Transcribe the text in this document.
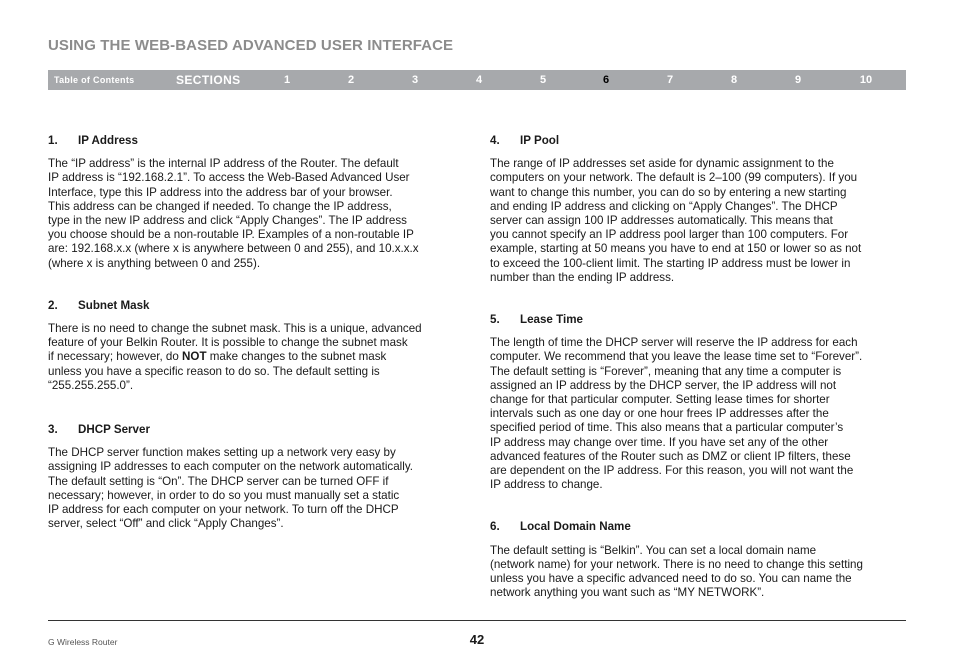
USING THE WEB-BASED ADVANCED USER INTERFACE
Table of Contents	SECTIONS	1	2	3	4	5	6	7	8	9	10
1. IP Address

The “IP address” is the internal IP address of the Router. The default
IP address is “192.168.2.1”. To access the Web-Based Advanced User
Interface, type this IP address into the address bar of your browser.
This address can be changed if needed. To change the IP address,
type in the new IP address and click “Apply Changes”. The IP address
you choose should be a non-routable IP. Examples of a non-routable IP
are: 192.168.x.x (where x is anywhere between 0 and 255), and 10.x.x.x
(where x is anything between 0 and 255).

2. Subnet Mask

There is no need to change the subnet mask. This is a unique, advanced
feature of your Belkin Router. It is possible to change the subnet mask
if necessary; however, do NOT make changes to the subnet mask
unless you have a specific reason to do so. The default setting is
“255.255.255.0”.

3. DHCP Server

The DHCP server function makes setting up a network very easy by
assigning IP addresses to each computer on the network automatically.
The default setting is “On”. The DHCP server can be turned OFF if
necessary; however, in order to do so you must manually set a static
IP address for each computer on your network. To turn off the DHCP
server, select “Off” and click “Apply Changes”.

4. IP Pool

The range of IP addresses set aside for dynamic assignment to the
computers on your network. The default is 2–100 (99 computers). If you
want to change this number, you can do so by entering a new starting
and ending IP address and clicking on “Apply Changes”. The DHCP
server can assign 100 IP addresses automatically. This means that
you cannot specify an IP address pool larger than 100 computers. For
example, starting at 50 means you have to end at 150 or lower so as not
to exceed the 100-client limit. The starting IP address must be lower in
number than the ending IP address.

5. Lease Time

The length of time the DHCP server will reserve the IP address for each
computer. We recommend that you leave the lease time set to “Forever”.
The default setting is “Forever”, meaning that any time a computer is
assigned an IP address by the DHCP server, the IP address will not
change for that particular computer. Setting lease times for shorter
intervals such as one day or one hour frees IP addresses after the
specified period of time. This also means that a particular computer’s
IP address may change over time. If you have set any of the other
advanced features of the Router such as DMZ or client IP filters, these
are dependent on the IP address. For this reason, you will not want the
IP address to change.

6. Local Domain Name

The default setting is “Belkin”. You can set a local domain name
(network name) for your network. There is no need to change this setting
unless you have a specific advanced need to do so. You can name the
network anything you want such as “MY NETWORK”.

G Wireless Router	42
